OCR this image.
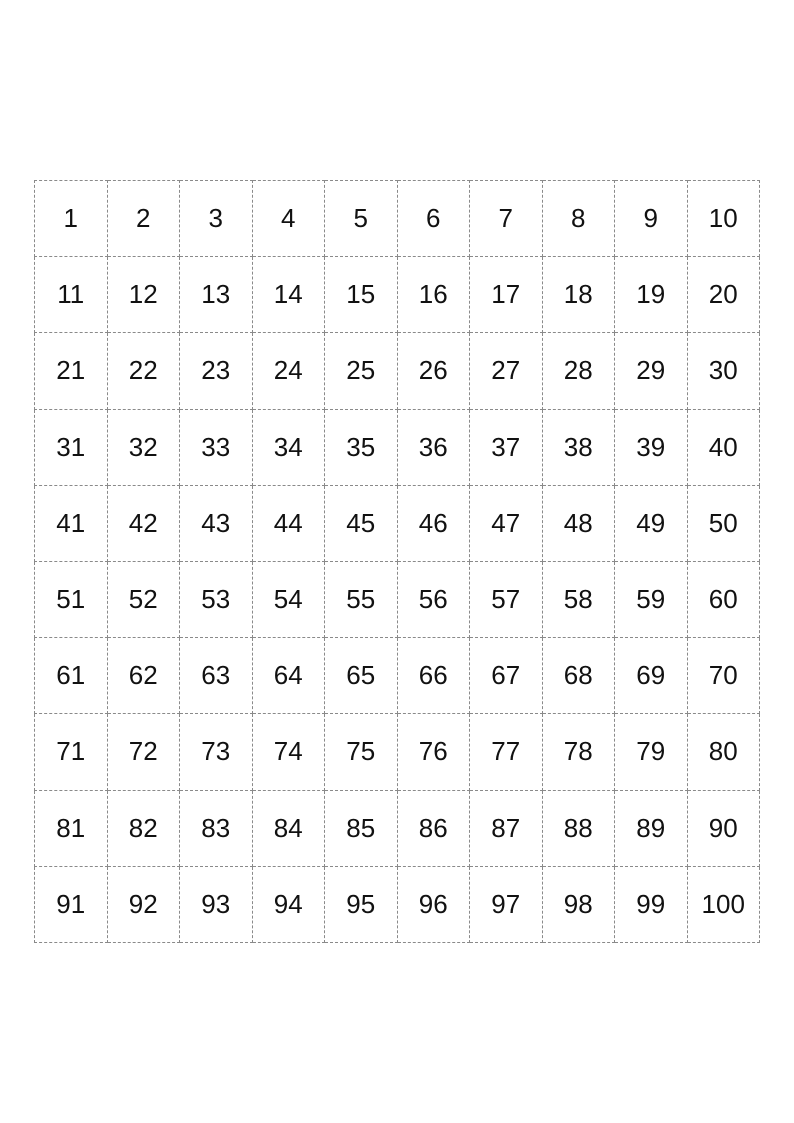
1	2	3	4	5	6	7	8	9	10
11	12	13	14	15	16	17	18	19	20
21	22	23	24	25	26	27	28	29	30
31	32	33	34	35	36	37	38	39	40
41	42	43	44	45	46	47	48	49	50
51	52	53	54	55	56	57	58	59	60
61	62	63	64	65	66	67	68	69	70
71	72	73	74	75	76	77	78	79	80
81	82	83	84	85	86	87	88	89	90
91	92	93	94	95	96	97	98	99	100
